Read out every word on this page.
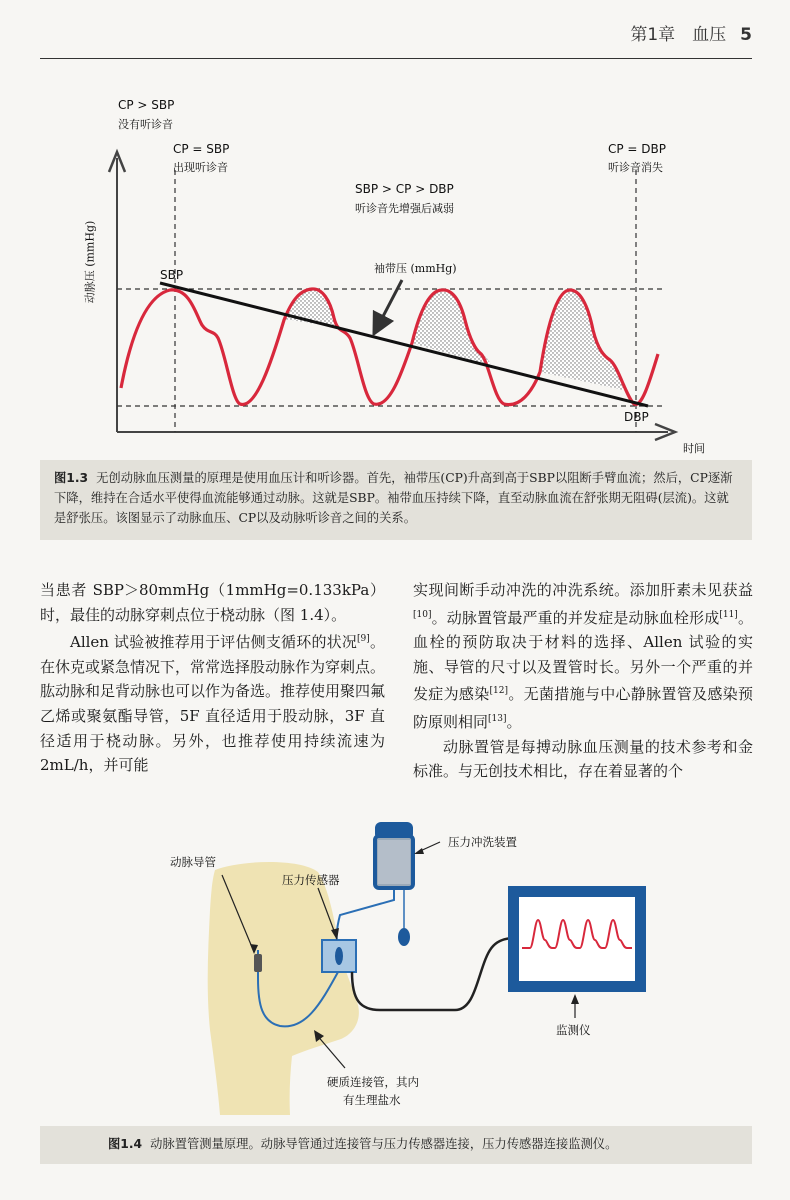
第1章　血压 5
CP > SBP
没有听诊音
CP = SBP
出现听诊音
SBP > CP > DBP
听诊音先增强后减弱
CP = DBP
听诊音消失
袖带压 (mmHg)
SBP
DBP
动脉压 (mmHg)
时间
图1.3 无创动脉血压测量的原理是使用血压计和听诊器。首先，袖带压(CP)升高到高于SBP以阻断手臂血流；然后，CP逐渐下降，维持在合适水平使得血流能够通过动脉。这就是SBP。袖带血压持续下降，直至动脉血流在舒张期无阻碍(层流)。这就是舒张压。该图显示了动脉血压、CP以及动脉听诊音之间的关系。

当患者 SBP＞80mmHg（1mmHg=0.133kPa）时，最佳的动脉穿刺点位于桡动脉（图 1.4）。

Allen 试验被推荐用于评估侧支循环的状况[9]。在休克或紧急情况下，常常选择股动脉作为穿刺点。肱动脉和足背动脉也可以作为备选。推荐使用聚四氟乙烯或聚氨酯导管，5F 直径适用于股动脉，3F 直径适用于桡动脉。另外，也推荐使用持续流速为 2mL/h，并可能

实现间断手动冲洗的冲洗系统。添加肝素未见获益[10]。动脉置管最严重的并发症是动脉血栓形成[11]。血栓的预防取决于材料的选择、Allen 试验的实施、导管的尺寸以及置管时长。另外一个严重的并发症为感染[12]。无菌措施与中心静脉置管及感染预防原则相同[13]。

动脉置管是每搏动脉血压测量的技术参考和金标准。与无创技术相比，存在着显著的个

动脉导管
压力传感器
压力冲洗装置
监测仪
硬质连接管，其内
有生理盐水
图1.4 动脉置管测量原理。动脉导管通过连接管与压力传感器连接，压力传感器连接监测仪。
